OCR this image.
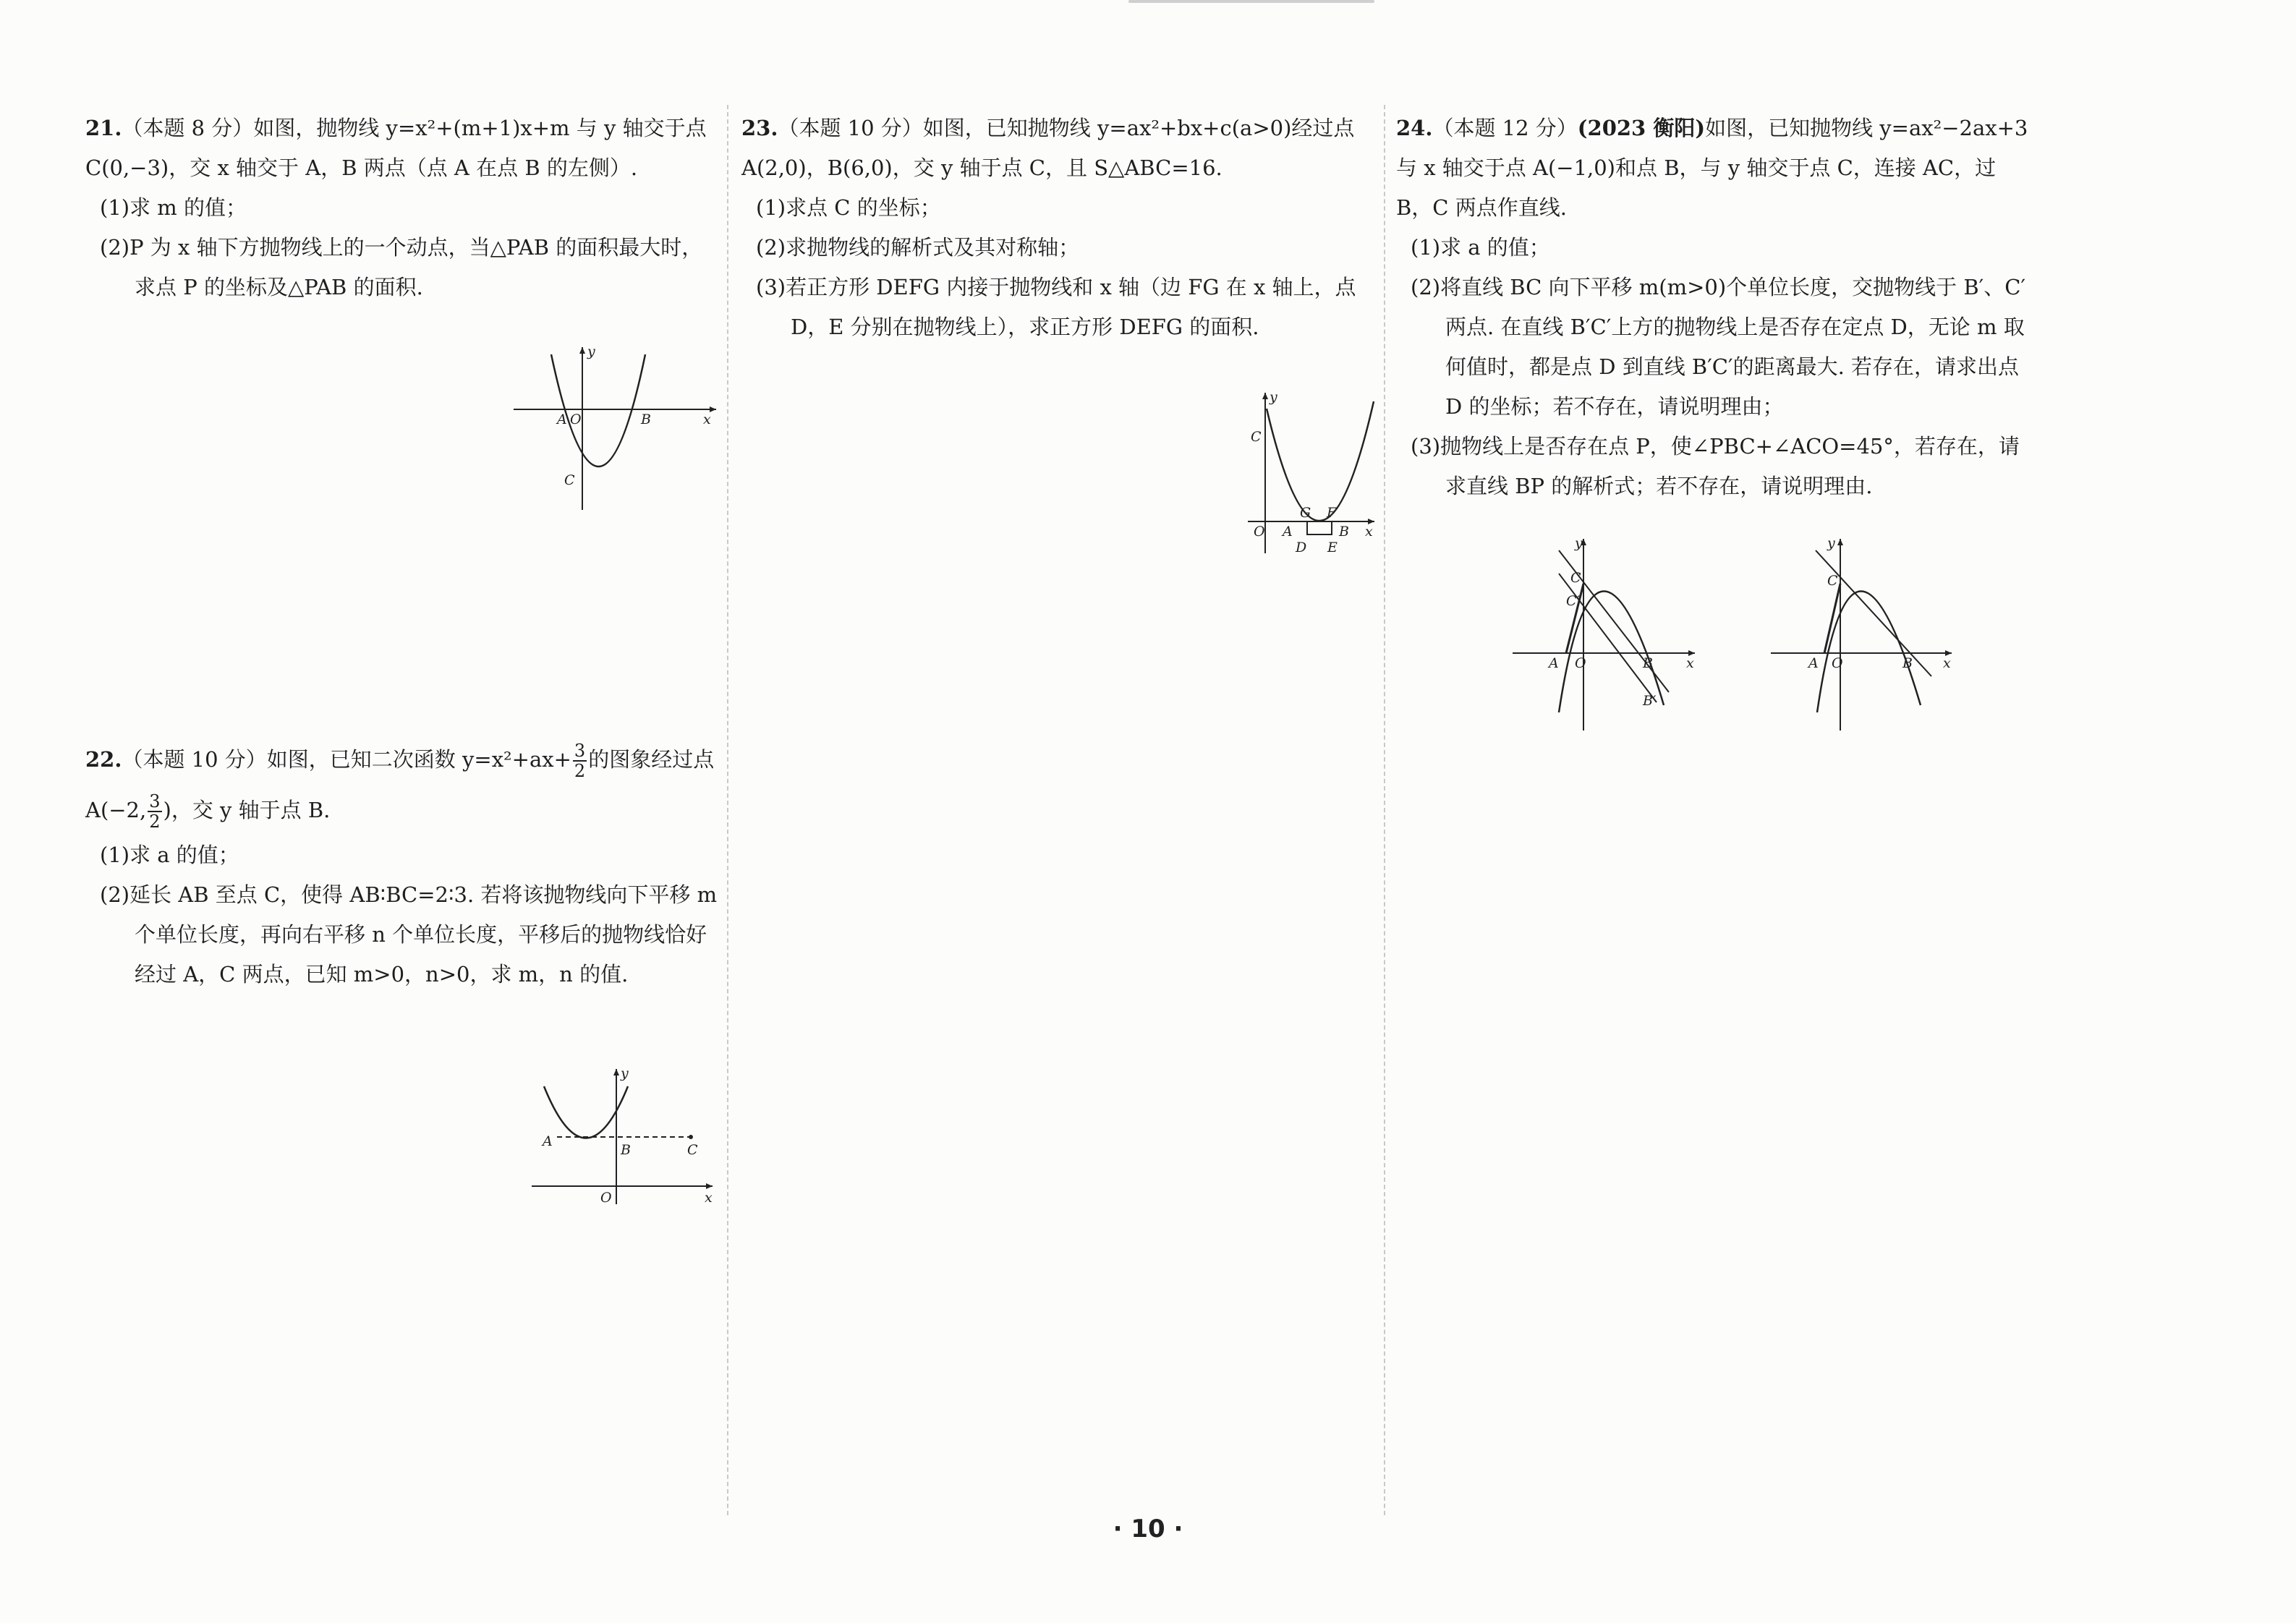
21.（本题 8 分）如图，抛物线 y=x²+(m+1)x+m 与 y 轴交于点 C(0,−3)，交 x 轴交于 A，B 两点（点 A 在点 B 的左侧）.

(1)求 m 的值；

(2)P 为 x 轴下方抛物线上的一个动点，当△PAB 的面积最大时，求点 P 的坐标及△PAB 的面积.

A O	B
C
x
y

22.（本题 10 分）如图，已知二次函数 $y=x^2+ax+ \frac{3}{2}$ 的图象经过点 A(−2, $\frac{3}{2}$ )，交 y 轴于点 B.

(1)求 a 的值；

(2)延长 AB 至点 C，使得 AB∶BC=2∶3. 若将该抛物线向下平移 m 个单位长度，再向右平移 n 个单位长度，平移后的抛物线恰好经过 A，C 两点，已知 m>0，n>0，求 m，n 的值.

A
B	C
O	x
y

23.（本题 10 分）如图，已知抛物线 y=ax²+bx+c(a>0)经过点 A(2,0)，B(6,0)，交 y 轴于点 C，且 S△ABC=16.

(1)求点 C 的坐标；

(2)求抛物线的解析式及其对称轴；

(3)若正方形 DEFG 内接于抛物线和 x 轴（边 FG 在 x 轴上，点 D，E 分别在抛物线上），求正方形 DEFG 的面积.

C
G F
O A	B
D E
x
y

24.（本题 12 分）(2023 衡阳)如图，已知抛物线 y=ax²−2ax+3 与 x 轴交于点 A(−1,0)和点 B，与 y 轴交于点 C，连接 AC，过 B，C 两点作直线.

(1)求 a 的值；

(2)将直线 BC 向下平移 m(m>0)个单位长度，交抛物线于 B′、C′两点. 在直线 B′C′上方的抛物线上是否存在定点 D，无论 m 取何值时，都是点 D 到直线 B′C′的距离最大. 若存在，请求出点 D 的坐标；若不存在，请说明理由；

(3)抛物线上是否存在点 P，使∠PBC+∠ACO=45°，若存在，请求直线 BP 的解析式；若不存在，请说明理由.

y
C
C′
A O	B
B′
x
y
C
A O	B x
· 10 ·
